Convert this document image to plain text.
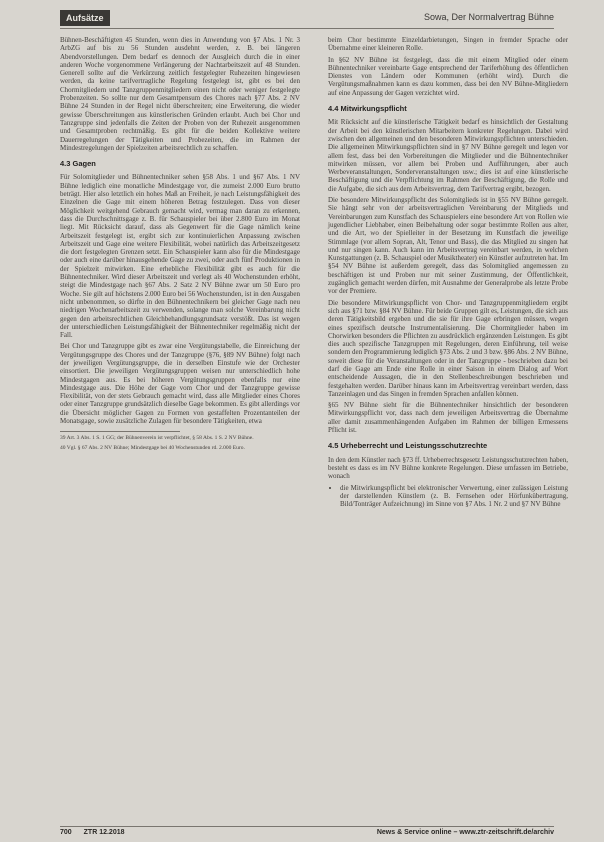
Aufsätze	Sowa, Der Normalvertrag Bühne

Bühnen-Beschäftigten 45 Stunden, wenn dies in Anwendung von §7 Abs. 1 Nr. 3 ArbZG auf bis zu 56 Stunden ausdehnt werden, z. B. bei längeren Abendvorstellungen. Dem bedarf es dennoch der Ausgleich durch die in einer anderen Woche vorgenommene Verlängerung der Nachtarbeitszeit auf 48 Stunden. Generell sollte auf die Verkürzung zeitlich festgelegter Ruhezeiten hingewiesen werden, da keine tarifvertragliche Regelung festgelegt ist, gibt es bei den Chormitgliedern und Tanzgruppenmitgliedern einen nicht oder weniger festgelegte Probenzeiten. So sollte nur dem Gesamtpensum des Chores nach §77 Abs. 2 NV Bühne 24 Stunden in der Regel nicht überschreiten; eine Erweiterung, die wieder gewisse Überschreitungen aus künstlerischen Gründen erlaubt. Auch bei Chor und Tanzgruppe sind jedenfalls die Zeiten der Proben von der Ruhezeit ausgenommen und Gesamtproben rechtmäßig. Es gibt für die beiden Kollektive weitere Dauerregelungen der Tätigkeiten und Probezeiten, die im Rahmen der Mindestregelungen der Spielzeiten arbeitsrechtlich zu schaffen.

4.3 Gagen

Für Solomitglieder und Bühnentechniker sehen §58 Abs. 1 und §67 Abs. 1 NV Bühne lediglich eine monatliche Mindestgage vor, die zumeist 2.000 Euro brutto beträgt. Hier also letztlich ein hohes Maß an Freiheit, je nach Leistungsfähigkeit des Einzelnen die Gage mit einem höheren Betrag festzulegen. Dass von dieser Möglichkeit weitgehend Gebrauch gemacht wird, vermag man daran zu erkennen, dass die Durchschnittsgage z. B. für Schauspieler bei über 2.800 Euro im Monat liegt. Mit Rücksicht darauf, dass als Gegenwert für die Gage nämlich keine Arbeitszeit festgelegt ist, ergibt sich zur kontinuierlichen Anpassung zwischen Arbeitszeit und Gage eine weitere Flexibilität, wobei natürlich das Arbeitszeitgesetz die dort festgelegten Grenzen setzt. Ein Schauspieler kann also für die Mindestgage oder auch eine darüber hinausgehende Gage zu zwei, oder auch fünf Produktionen in der Spielzeit mitwirken. Eine erhebliche Flexibilität gibt es auch für die Bühnentechniker. Wird dieser Arbeitszeit und verlegt als 40 Wochenstunden erhöht, steigt die Mindestgage nach §67 Abs. 2 Satz 2 NV Bühne zwar um 50 Euro pro Woche. Sie gilt auf höchstens 2.000 Euro bei 56 Wochenstunden, ist in den Ausgaben nicht unbenommen, so dürfte in den Bühnentechnikern bei gleicher Gage nach neu niedrigen Wochenarbeitszeit zu verwenden, solange man solche Vereinbarung nicht gegen den arbeitsrechtlichen Gleichbehandlungsgrundsatz verstößt. Das ist wegen der unterschiedlichen Leistungsfähigkeit der Bühnentechniker regelmäßig nicht der Fall.

Bei Chor und Tanzgruppe gibt es zwar eine Vergütungstabelle, die Einreichung der Vergütungsgruppe des Chores und der Tanzgruppe (§76, §89 NV Bühne) folgt nach der jeweiligen Vergütungsgruppe, die in derselben Einstufe wie der Orchester einsortiert. Die jeweiligen Vergütungsgruppen weisen nur unterschiedlich hohe Mindestgagen aus. Es bei höheren Vergütungsgruppen ebenfalls nur eine Mindestgage aus. Die Höhe der Gage vom Chor und der Tanzgruppe gewisse Flexibilität, von der stets Gebrauch gemacht wird, dass alle Mitglieder eines Chores oder einer Tanzgruppe grundsätzlich dieselbe Gage bekommen. Es gibt allerdings vor die Übersicht möglicher Gagen zu Formen von gestaffelten Prozentanteilen der Monatsgage, sowie zusätzliche Zulagen für besondere Tätigkeiten, etwa

39 Art. 3 Abs. 1 S. 1 GG; der Bühnenverein ist verpflichtet, § 58 Abs. 1 S. 2 NV Bühne.

40 Vgl. § 67 Abs. 2 NV Bühne; Mindestgage bei 40 Wochenstunden rd. 2.000 Euro.

beim Chor bestimmte Einzeldarbietungen, Singen in fremder Sprache oder Übernahme einer kleineren Rolle.

In §62 NV Bühne ist festgelegt, dass die mit einem Mitglied oder einem Bühnentechniker vereinbarte Gage entsprechend der Tariferhöhung des öffentlichen Dienstes von Ländern oder Kommunen (erhöht wird). Durch die Vergütungsmaßnahmen kann es dazu kommen, dass bei den NV Bühne-Mitgliedern auf eine Anpassung der Gagen verzichtet wird.

4.4 Mitwirkungspflicht

Mit Rücksicht auf die künstlerische Tätigkeit bedarf es hinsichtlich der Gestaltung der Arbeit bei den künstlerischen Mitarbeitern konkreter Regelungen. Dabei wird zwischen den allgemeinen und den besonderen Mitwirkungspflichten unterschieden. Die allgemeinen Mitwirkungspflichten sind in §7 NV Bühne geregelt und legen vor allem fest, dass bei den Vorbereitungen die Mitglieder und die Bühnentechniker mitwirken müssen, vor allem bei Proben und Aufführungen, aber auch Werbeveranstaltungen, Sonderveranstaltungen usw.; dies ist auf eine künstlerische Beschäftigung und die Verpflichtung im Rahmen der Beschäftigung, die Rolle und die Aufgabe, die sich aus dem Arbeitsvertrag, dem Tarifvertrag ergibt, bezogen.

Die besondere Mitwirkungspflicht des Solomitglieds ist in §55 NV Bühne geregelt. Sie hängt sehr von der arbeitsvertraglichen Vereinbarung der Mitglieds und Vereinbarungen zum Kunstfach des Schauspielers eine besondere Art von Rollen wie jugendlicher Liebhaber, einen Beibehaltung oder sogar bestimmte Rollen aus alter, und die Art, wo der Spielleiter in der Besetzung im Kunstfach die jeweilige Stimmlage (vor allem Sopran, Alt, Tenor und Bass), die das Mitglied zu singen hat und nur singen kann. Auch kann im Arbeitsvertrag vereinbart werden, in welchen Kunstgattungen (z. B. Schauspiel oder Musiktheater) ein Künstler aufzutreten hat. Im §54 NV Bühne ist außerdem geregelt, dass das Solomitglied angemessen zu beschäftigen ist und Proben nur mit seiner Zustimmung, der Öffentlichkeit, zugänglich gemacht werden dürfen, mit Ausnahme der Generalprobe als letzte Probe vor der Premiere.

Die besondere Mitwirkungspflicht von Chor- und Tanzgruppenmitgliedern ergibt sich aus §71 bzw. §84 NV Bühne. Für beide Gruppen gilt es, Leistungen, die sich aus deren Tätigkeitsbild ergeben und die sie für ihre Gage erbringen müssen, wegen eines spezifisch deutsche Instrumentalisierung. Die Chormitglieder haben im Chorwirken besonders die Pflichten zu ausdrücklich ergänzenden Leistungen. Es gibt dies auch spezifische Tanzgruppen mit Regelungen, deren Einführung, teil weise sondern den Programmierung lediglich §73 Abs. 2 und 3 bzw. §86 Abs. 2 NV Bühne, soweit diese für die Veranstaltungen oder in der Tanzgruppe - beschrieben dazu bei darf die Gage am Ende eine Rolle in einer Saison in einem Dialog auf Wort entscheidende Aussagen, die in den Stellenbeschreibungen beschrieben und festgehalten werden. Darüber hinaus kann im Arbeitsvertrag vereinbart werden, dass Tanzeinlagen und das Singen in fremden Sprachen anfallen können.

§65 NV Bühne sieht für die Bühnentechniker hinsichtlich der besonderen Mitwirkungspflicht vor, dass nach dem jeweiligen Arbeitsvertrag die Übernahme aller damit zusammenhängenden Aufgaben im Rahmen der billigen Ermessens Pflicht ist.

4.5 Urheberrecht und Leistungsschutzrechte

In den dem Künstler nach §73 ff. Urheberrechtsgesetz Leistungsschutzrechten haben, besteht es dass es im NV Bühne konkrete Regelungen. Diese umfassen im Betriebe, wonach

• die Mitwirkungspflicht bei elektronischer Verwertung, einer zulässigen Leistung der darstellenden Künstlern (z. B. Fernsehen oder Hörfunkübertragung, Bild/Tonträger Aufzeichnung) im Sinne von §7 Abs. 1 Nr. 2 und §7 NV Bühne
700 ZTR 12.2018	News & Service online – www.ztr-zeitschrift.de/archiv
